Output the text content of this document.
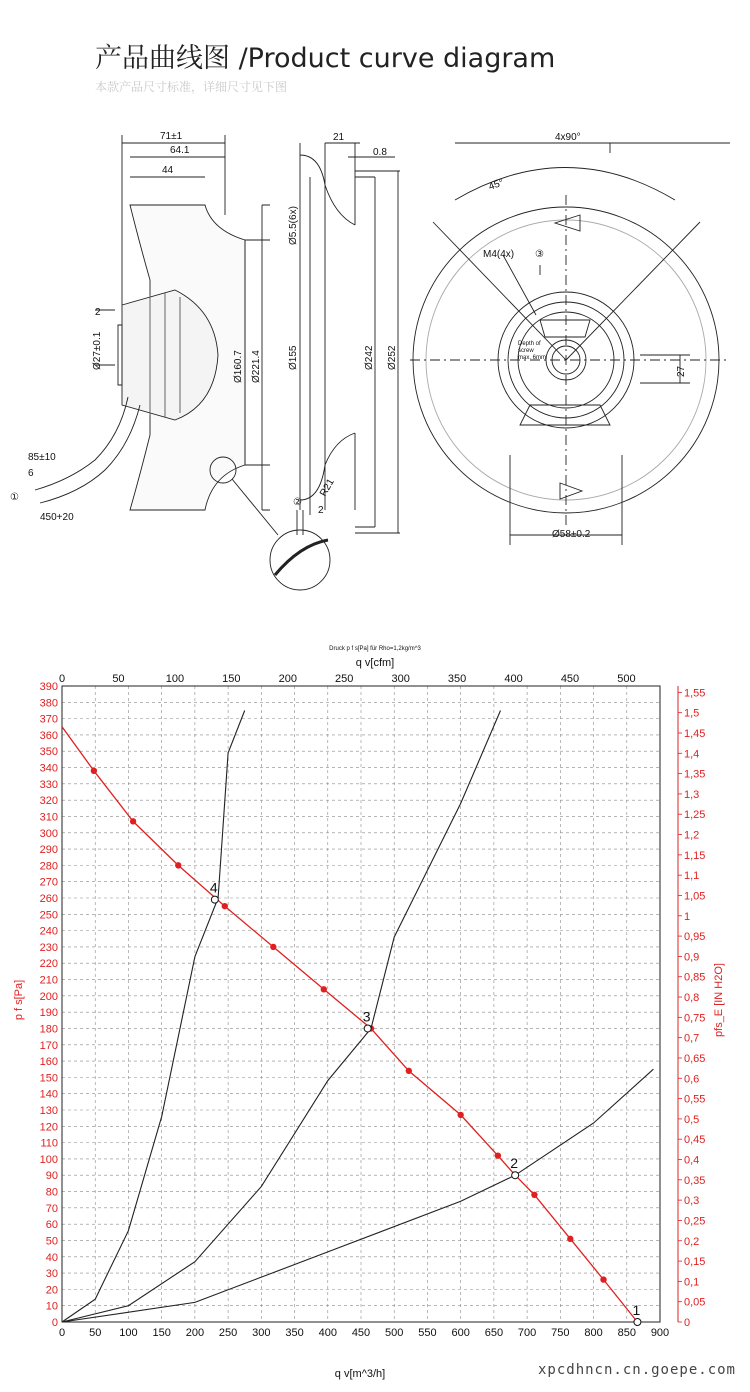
产品曲线图 /Product curve diagram
本款产品尺寸标准，详细尺寸见下图
71±1
64.1
44
2
Ø27±0.1	Ø160.7 Ø221.4
85±10
6
450+20
21
0.8
Ø5.5(6x)
Ø155	Ø242 Ø252
R21
2
4x90°
45°
M4(4x)
27
Ø58±0.2
①	②
③
Depth of
screw
max. 6mm
Druck p f s[Pa] für Rho=1,2kg/m^3
q v[cfm]
q v[m^3/h]
p f s[Pa]	pfs_E [IN H2O]
0 50 100 150 200 250 300 350 400 450 500 550 600 650 700 750 800 850 900
0
10
20
30
40
50
60
70
80
90
100
110
120
130
140
150
160
170
180
190
200
210
220
230
240
250
260
270
280
290
300
310
320
330
340
350
360
370
380
390
0	50	100	150	200	250	300	350	400	450	500
0
0,05
0,1
0,15
0,2
0,25
0,3
0,35
0,4
0,45
0,5
0,55
0,6
0,65
0,7
0,75
0,8
0,85
0,9
0,95
1
1,05
1,1
1,15
1,2
1,25
1,3
1,35
1,4
1,45
1,5
1,55
4
3
2
1
xpcdhncn.cn.goepe.com
